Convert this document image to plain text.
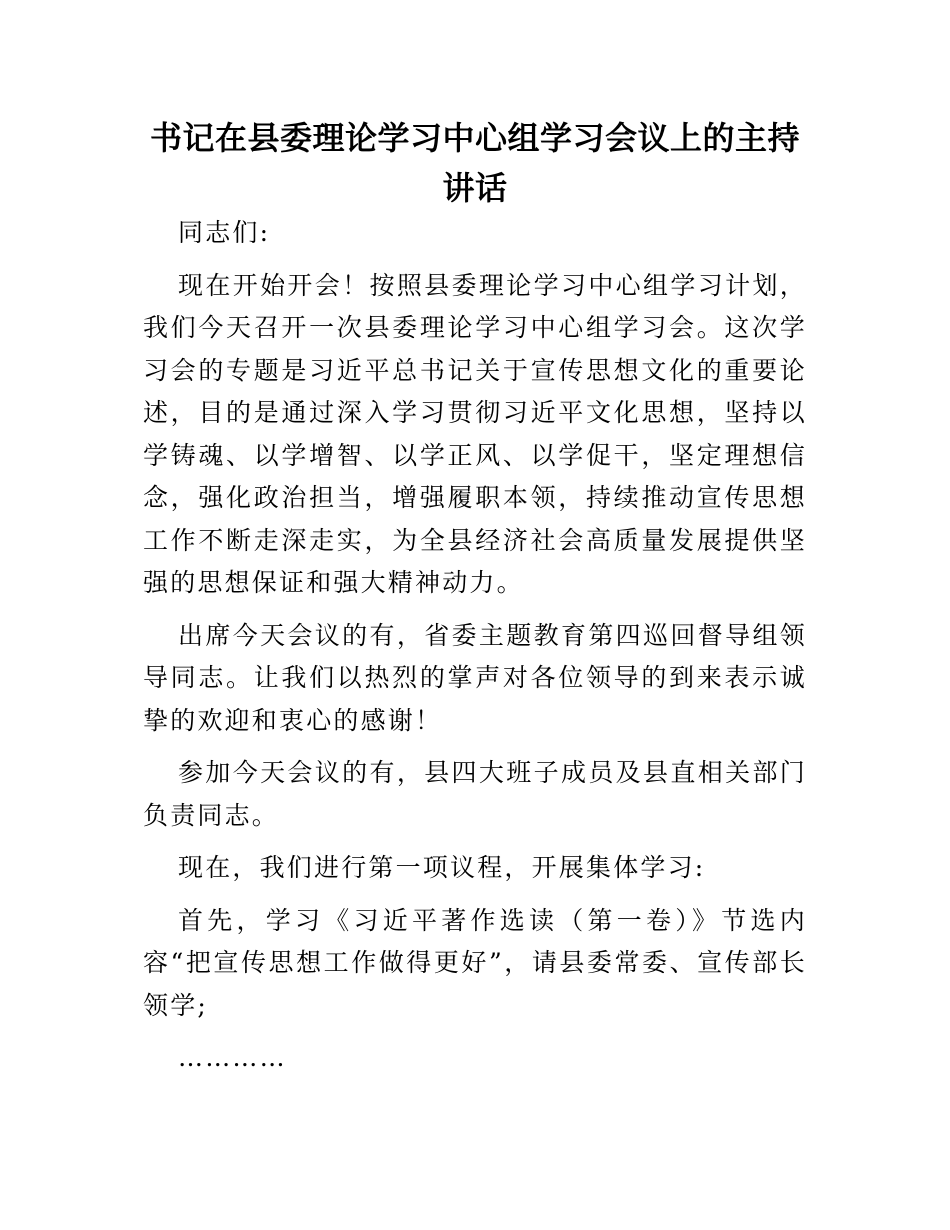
书记在县委理论学习中心组学习会议上的主持讲话

同志们:

现在开始开会！按照县委理论学习中心组学习计划，我们今天召开一次县委理论学习中心组学习会。这次学习会的专题是习近平总书记关于宣传思想文化的重要论述，目的是通过深入学习贯彻习近平文化思想，坚持以学铸魂、以学增智、以学正风、以学促干，坚定理想信念，强化政治担当，增强履职本领，持续推动宣传思想工作不断走深走实，为全县经济社会高质量发展提供坚强的思想保证和强大精神动力。

出席今天会议的有，省委主题教育第四巡回督导组领导同志。让我们以热烈的掌声对各位领导的到来表示诚挚的欢迎和衷心的感谢！

参加今天会议的有，县四大班子成员及县直相关部门负责同志。

现在，我们进行第一项议程，开展集体学习:

首先，学习《习近平著作选读（第一卷）》节选内容“把宣传思想工作做得更好”，请县委常委、宣传部长领学;

…………
